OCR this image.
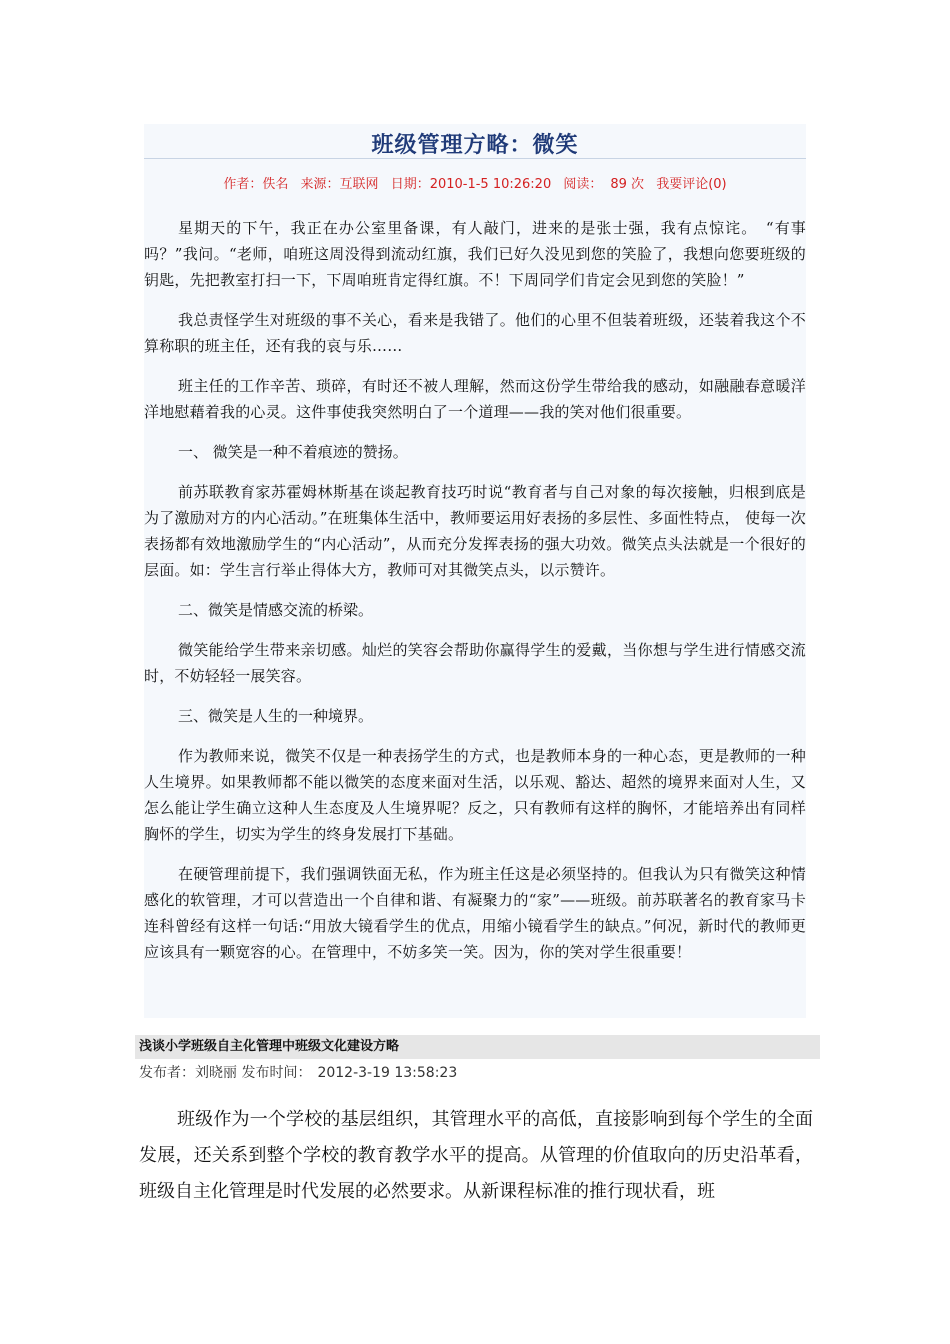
班级管理方略：微笑
作者：佚名 来源：互联网 日期：2010-1-5 10:26:20 阅读： 89 次 我要评论(0)

星期天的下午，我正在办公室里备课，有人敲门，进来的是张士强，我有点惊诧。　“有事吗？”我问。“老师，咱班这周没得到流动红旗，我们已好久没见到您的笑脸了，我想向您要班级的钥匙，先把教室打扫一下，下周咱班肯定得红旗。不！下周同学们肯定会见到您的笑脸！”

我总责怪学生对班级的事不关心，看来是我错了。他们的心里不但装着班级，还装着我这个不算称职的班主任，还有我的哀与乐……

班主任的工作辛苦、琐碎，有时还不被人理解，然而这份学生带给我的感动，如融融春意暖洋洋地慰藉着我的心灵。这件事使我突然明白了一个道理——我的笑对他们很重要。

一、 微笑是一种不着痕迹的赞扬。

前苏联教育家苏霍姆林斯基在谈起教育技巧时说“教育者与自己对象的每次接触，归根到底是为了激励对方的内心活动。”在班集体生活中，教师要运用好表扬的多层性、多面性特点， 使每一次表扬都有效地激励学生的“内心活动”，从而充分发挥表扬的强大功效。微笑点头法就是一个很好的层面。如：学生言行举止得体大方，教师可对其微笑点头，以示赞许。

二、微笑是情感交流的桥梁。

微笑能给学生带来亲切感。灿烂的笑容会帮助你赢得学生的爱戴，当你想与学生进行情感交流时，不妨轻轻一展笑容。

三、微笑是人生的一种境界。

作为教师来说，微笑不仅是一种表扬学生的方式，也是教师本身的一种心态，更是教师的一种人生境界。如果教师都不能以微笑的态度来面对生活，以乐观、豁达、超然的境界来面对人生，又怎么能让学生确立这种人生态度及人生境界呢？反之，只有教师有这样的胸怀，才能培养出有同样胸怀的学生，切实为学生的终身发展打下基础。

在硬管理前提下，我们强调铁面无私，作为班主任这是必须坚持的。但我认为只有微笑这种情感化的软管理，才可以营造出一个自律和谐、有凝聚力的“家”——班级。前苏联著名的教育家马卡连科曾经有这样一句话:“用放大镜看学生的优点，用缩小镜看学生的缺点。”何况，新时代的教师更应该具有一颗宽容的心。在管理中，不妨多笑一笑。因为，你的笑对学生很重要！

浅谈小学班级自主化管理中班级文化建设方略
发布者：刘晓丽 发布时间： 2012-3-19 13:58:23

班级作为一个学校的基层组织，其管理水平的高低，直接影响到每个学生的全面发展，还关系到整个学校的教育教学水平的提高。从管理的价值取向的历史沿革看，班级自主化管理是时代发展的必然要求。从新课程标准的推行现状看，班
